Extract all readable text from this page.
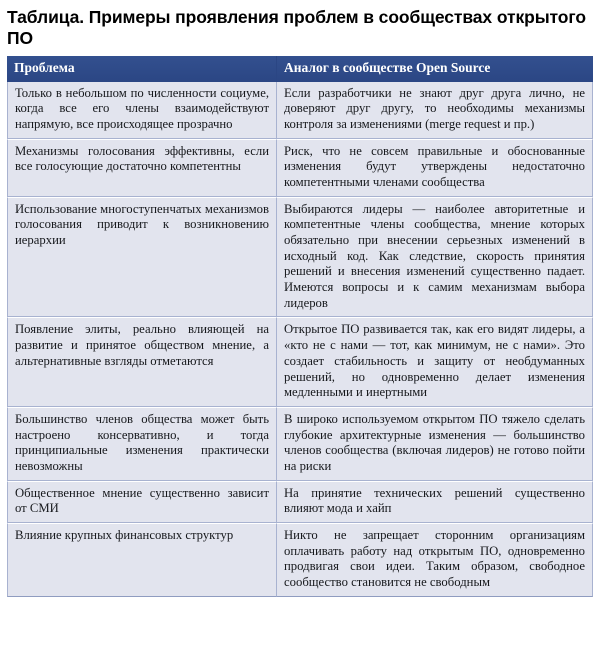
Таблица. Примеры проявления проблем в сообществах открытого ПО
Проблема	Аналог в сообществе Open Source

Только в небольшом по численности социуме, когда все его члены взаимодействуют напрямую, все происходящее прозрачно	Если разработчики не знают друг друга лично, не доверяют друг другу, то необходимы механизмы контроля за изменениями (merge request и пр.)

Механизмы голосования эффективны, если все голосующие достаточно компетентны	Риск, что не совсем правильные и обоснованные изменения будут утверждены недостаточно компетентными членами сообщества

Использование многоступенчатых механизмов голосования приводит к возникновению иерархии	Выбираются лидеры — наиболее авторитетные и компетентные члены сообщества, мнение которых обязательно при внесении серьезных изменений в исходный код. Как следствие, скорость принятия решений и внесения изменений существенно падает. Имеются вопросы и к самим механизмам выбора лидеров

Появление элиты, реально влияющей на развитие и принятое обществом мнение, а альтернативные взгляды отметаются	Открытое ПО развивается так, как его видят лидеры, а «кто не с нами — тот, как минимум, не с нами». Это создает стабильность и защиту от необдуманных решений, но одновременно делает изменения медленными и инертными

Большинство членов общества может быть настроено консервативно, и тогда принципиальные изменения практически невозможны	В широко используемом открытом ПО тяжело сделать глубокие архитектурные изменения — большинство членов сообщества (включая лидеров) не готово пойти на риски

Общественное мнение существенно зависит от СМИ	На принятие технических решений существенно влияют мода и хайп

Влияние крупных финансовых структур	Никто не запрещает сторонним организациям оплачивать работу над открытым ПО, одновременно продвигая свои идеи. Таким образом, свободное сообщество становится не свободным
